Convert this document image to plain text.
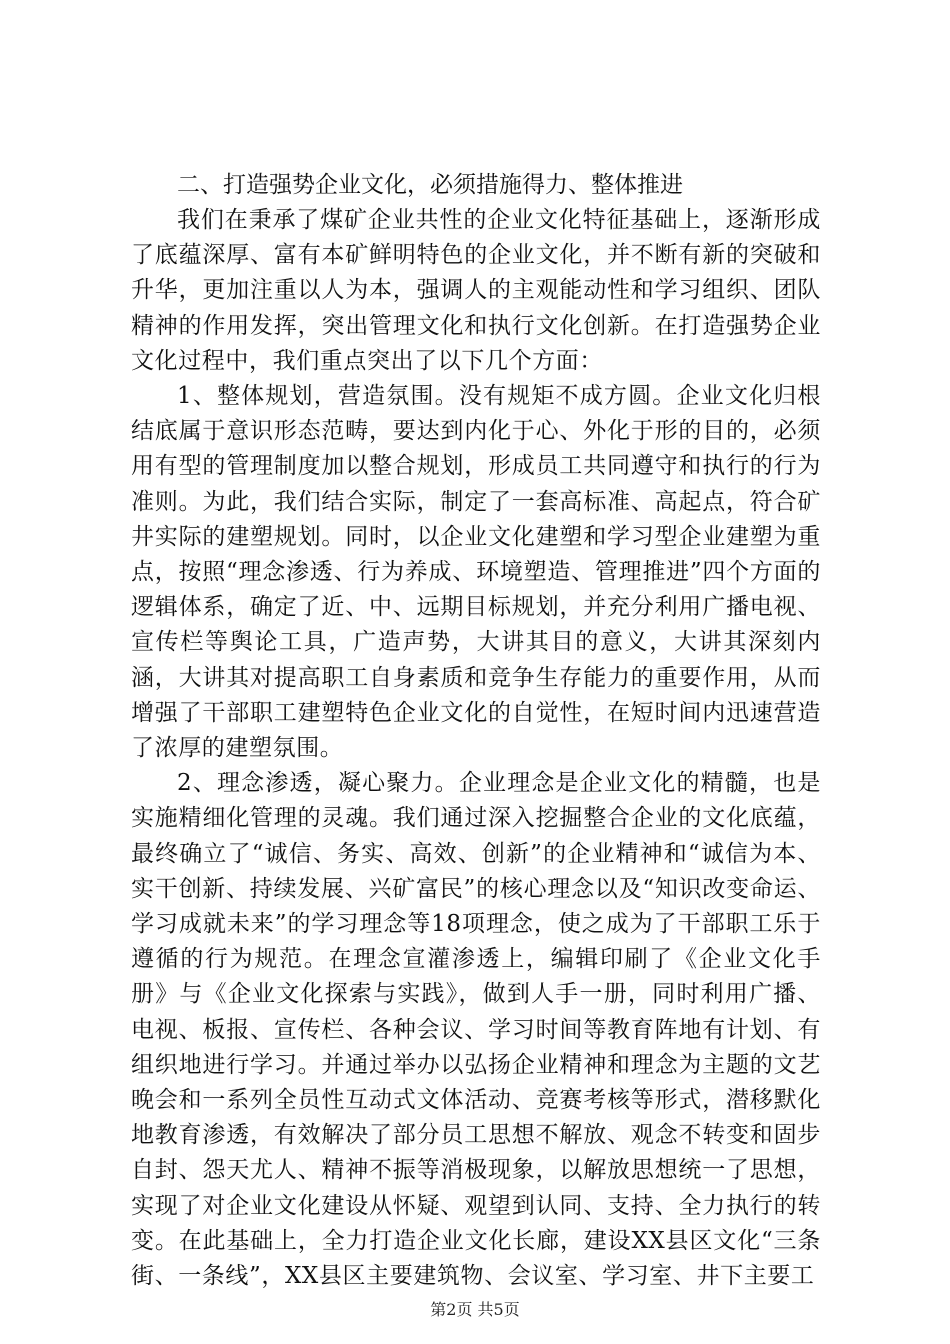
二、打造强势企业文化，必须措施得力、整体推进

我们在秉承了煤矿企业共性的企业文化特征基础上，逐渐形成了底蕴深厚、富有本矿鲜明特色的企业文化，并不断有新的突破和升华，更加注重以人为本，强调人的主观能动性和学习组织、团队精神的作用发挥，突出管理文化和执行文化创新。在打造强势企业文化过程中，我们重点突出了以下几个方面：

1、整体规划，营造氛围。没有规矩不成方圆。企业文化归根结底属于意识形态范畴，要达到内化于心、外化于形的目的，必须用有型的管理制度加以整合规划，形成员工共同遵守和执行的行为准则。为此，我们结合实际，制定了一套高标准、高起点，符合矿井实际的建塑规划。同时，以企业文化建塑和学习型企业建塑为重点，按照“理念渗透、行为养成、环境塑造、管理推进”四个方面的逻辑体系，确定了近、中、远期目标规划，并充分利用广播电视、宣传栏等舆论工具，广造声势，大讲其目的意义，大讲其深刻内涵，大讲其对提高职工自身素质和竞争生存能力的重要作用，从而增强了干部职工建塑特色企业文化的自觉性，在短时间内迅速营造了浓厚的建塑氛围。

2、理念渗透，凝心聚力。企业理念是企业文化的精髓，也是实施精细化管理的灵魂。我们通过深入挖掘整合企业的文化底蕴，最终确立了“诚信、务实、高效、创新”的企业精神和“诚信为本、实干创新、持续发展、兴矿富民”的核心理念以及“知识改变命运、学习成就未来”的学习理念等18项理念，使之成为了干部职工乐于遵循的行为规范。在理念宣灌渗透上，编辑印刷了《企业文化手册》与《企业文化探索与实践》，做到人手一册，同时利用广播、电视、板报、宣传栏、各种会议、学习时间等教育阵地有计划、有组织地进行学习。并通过举办以弘扬企业精神和理念为主题的文艺晚会和一系列全员性互动式文体活动、竞赛考核等形式，潜移默化地教育渗透，有效解决了部分员工思想不解放、观念不转变和固步自封、怨天尤人、精神不振等消极现象，以解放思想统一了思想，实现了对企业文化建设从怀疑、观望到认同、支持、全力执行的转变。在此基础上，全力打造企业文化长廊，建设XX县区文化“三条街、一条线”，XX县区主要建筑物、会议室、学习室、井下主要工

第2页 共5页
